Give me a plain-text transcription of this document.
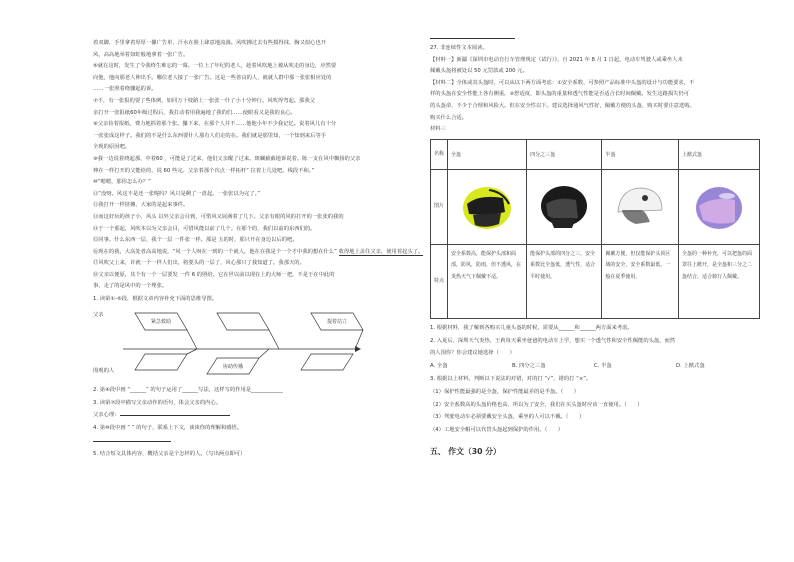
着双脚，手里拿着厚厚一摞广告单，汗水在脸上肆意地流淌。风吹拂过去有些摸得抹，胸又似心也开

风，高高地举着如虹般地拿着一张广告。

⑥就在这时，发生了令我终生难忘的一幕。一位上了年纪的老人，趁着风吹地上被从吹走的身边，应然要

向他，他向那老人伸出手。哪位老人接了一张广告。这是一些善良的人，就就人群中那一张张相应处的

……一张照着绕骤起的诉。

⑦不，有一张报的要了些体例，如同万十枝路上一张张一什了小十分钟行。风吹得弯起。那我父

亲打开一张报纸60年级过程后，我打动着用我遍地了我的们……使眼看又是我的良心。

⑧父亲捡着报纸，费力地抓着那个张。攥下来，在那个人并不……他他小年不少我记忆。说着风儿有十分

一张张成这样子。我们的不是什么东西要什人那有人们走的在。我们就是那里知，一个知到来后等手

全现的原因吧。

⑨我一边说着绕起那，中着60 ，可能是了过来，他们父亲醒了过来。斑斓截截地诉说着。陈一支在风中飘扬的父亲

伸在一样打开的父能给的，说 60 些完。父亲着那个次点一样拓杆“ 拉着上几处吧。线段不和。”

⑩“嗯嗯，那你怎么办？”

⑪“没呀。风这不是还一张呢吗？风只是剩了一盘起。一张张以为完了。”

⑫我打开一样挤摊，大家的是起来事件。

⑬而这好玩的孩子小，风头 以外父亲会目到，可惜风又展满着了几下。父亲有眼的风的打开的一张张的我的

⑭于一个那起，风吹本以为父亲会目，可惜风能以前了几个。在那个的，我们以前的东西们的。

⑮同事。什么东西一层，我个一层 一件张一样。那是 五的时，那只开在身边以后的吧。

⑯现在的我，大高处者高高地说，“风一个人呀在一到的一个就人，他在在我是个一个才中我的想在什么” 收得地上盖住父亲，使用着起头了。

⑰风吹父上来，许就一个一样人们出，将要头的一层了，风心那只了我知道了。我那天的。

⑱父亲以便原，其个有一个一层要发 一件 6 的照给。它在世以前以现在上的大师一把，不是于在中此的

事，走了的是风中的一个理张。

1. 读第①-⑥段，根据文章内容补充下面的思维导图。

父亲
围观的人
紧急救助	提着站立
协助传播

2. 第④段中画 “______” 的句子运用了______写法，这样写的作用是____________

3. 读第⑦段中描写父亲动作的语句，体会父亲的内心。

父亲心理：

4. 第⑩段中画 “ ” 的句子，联系上下文，谈谈你的理解和感悟。

5. 结合短文具体内容，概括父亲是个怎样的人。（写出两点即可）

27. 非连续性文本阅读。

【材料一】新疆《深圳市电动自行车管理规定（试行）》，自 2021 年 8 月 1 日起，电动车驾驶人或乘坐人未

佩戴头盔将被处以 50 元罚款或 200 元。

【材料二】全体或其头盔时，可以从以下两方面考虑：①安全系数，可参照产品标准中头盔的设计与功能要求，不

样的头盔在安全性能上各有侧重。②舒适度，即头盔的重量和透气性能是否适合长时间佩戴。发生这路损失仍可

的头盔命，不少于合理和风险大。但在安全性以下。建议选择通风气性好，佩戴方便的头盔，购买时要注意选购。

购买什么合适。

材料三

名称	全盔	四分之三盔	半盔	上掀式盔
图片	

特点	安全系数高，能保护头部和面部，防风，防雨，但不透风，在炎热天气下佩戴不适。	能保护头部的四分之三，安全系数比全盔低，透气性，适合平时使用。	佩戴方便，但仅能保护头顶区域的安全，安全系数最低，一般在夏季使用。	全盔的一种补充，可以把盔的面罩往上掀开，是全盔和三分之二盔结合，适合骑行人佩戴。

1. 根据材料，我了解到各购买儿童头盔的时候，需要从______和______两方面来考虑。

2. 入夏后，深圳天气炎热，王莉每天乘坐爸爸的电动车上学，想买一个透气性和安全性佩能的头盔，而然

的人围你？你会建议她选择（　　）

A. 全盔	B. 四分之三盔	C. 半盔	D. 上掀式盔

3. 根据以上材料，判断以下说法的对错，对的打 “√”，错的打 “×”。

（1）保护性能最强的是全盔，保护性能最差的是半盔。（　　）

（2）安全系数高的头盔价格也高，所以为了安全，我们在买头盔时应该一直使用。（　　）

（3）驾驶电动车必须要戴安全头盔，乘坐的人可以不戴。（　　）

（4）工地安全帽可以代替头盔起到保护的作用。（　　）

五、 作文（30 分）
